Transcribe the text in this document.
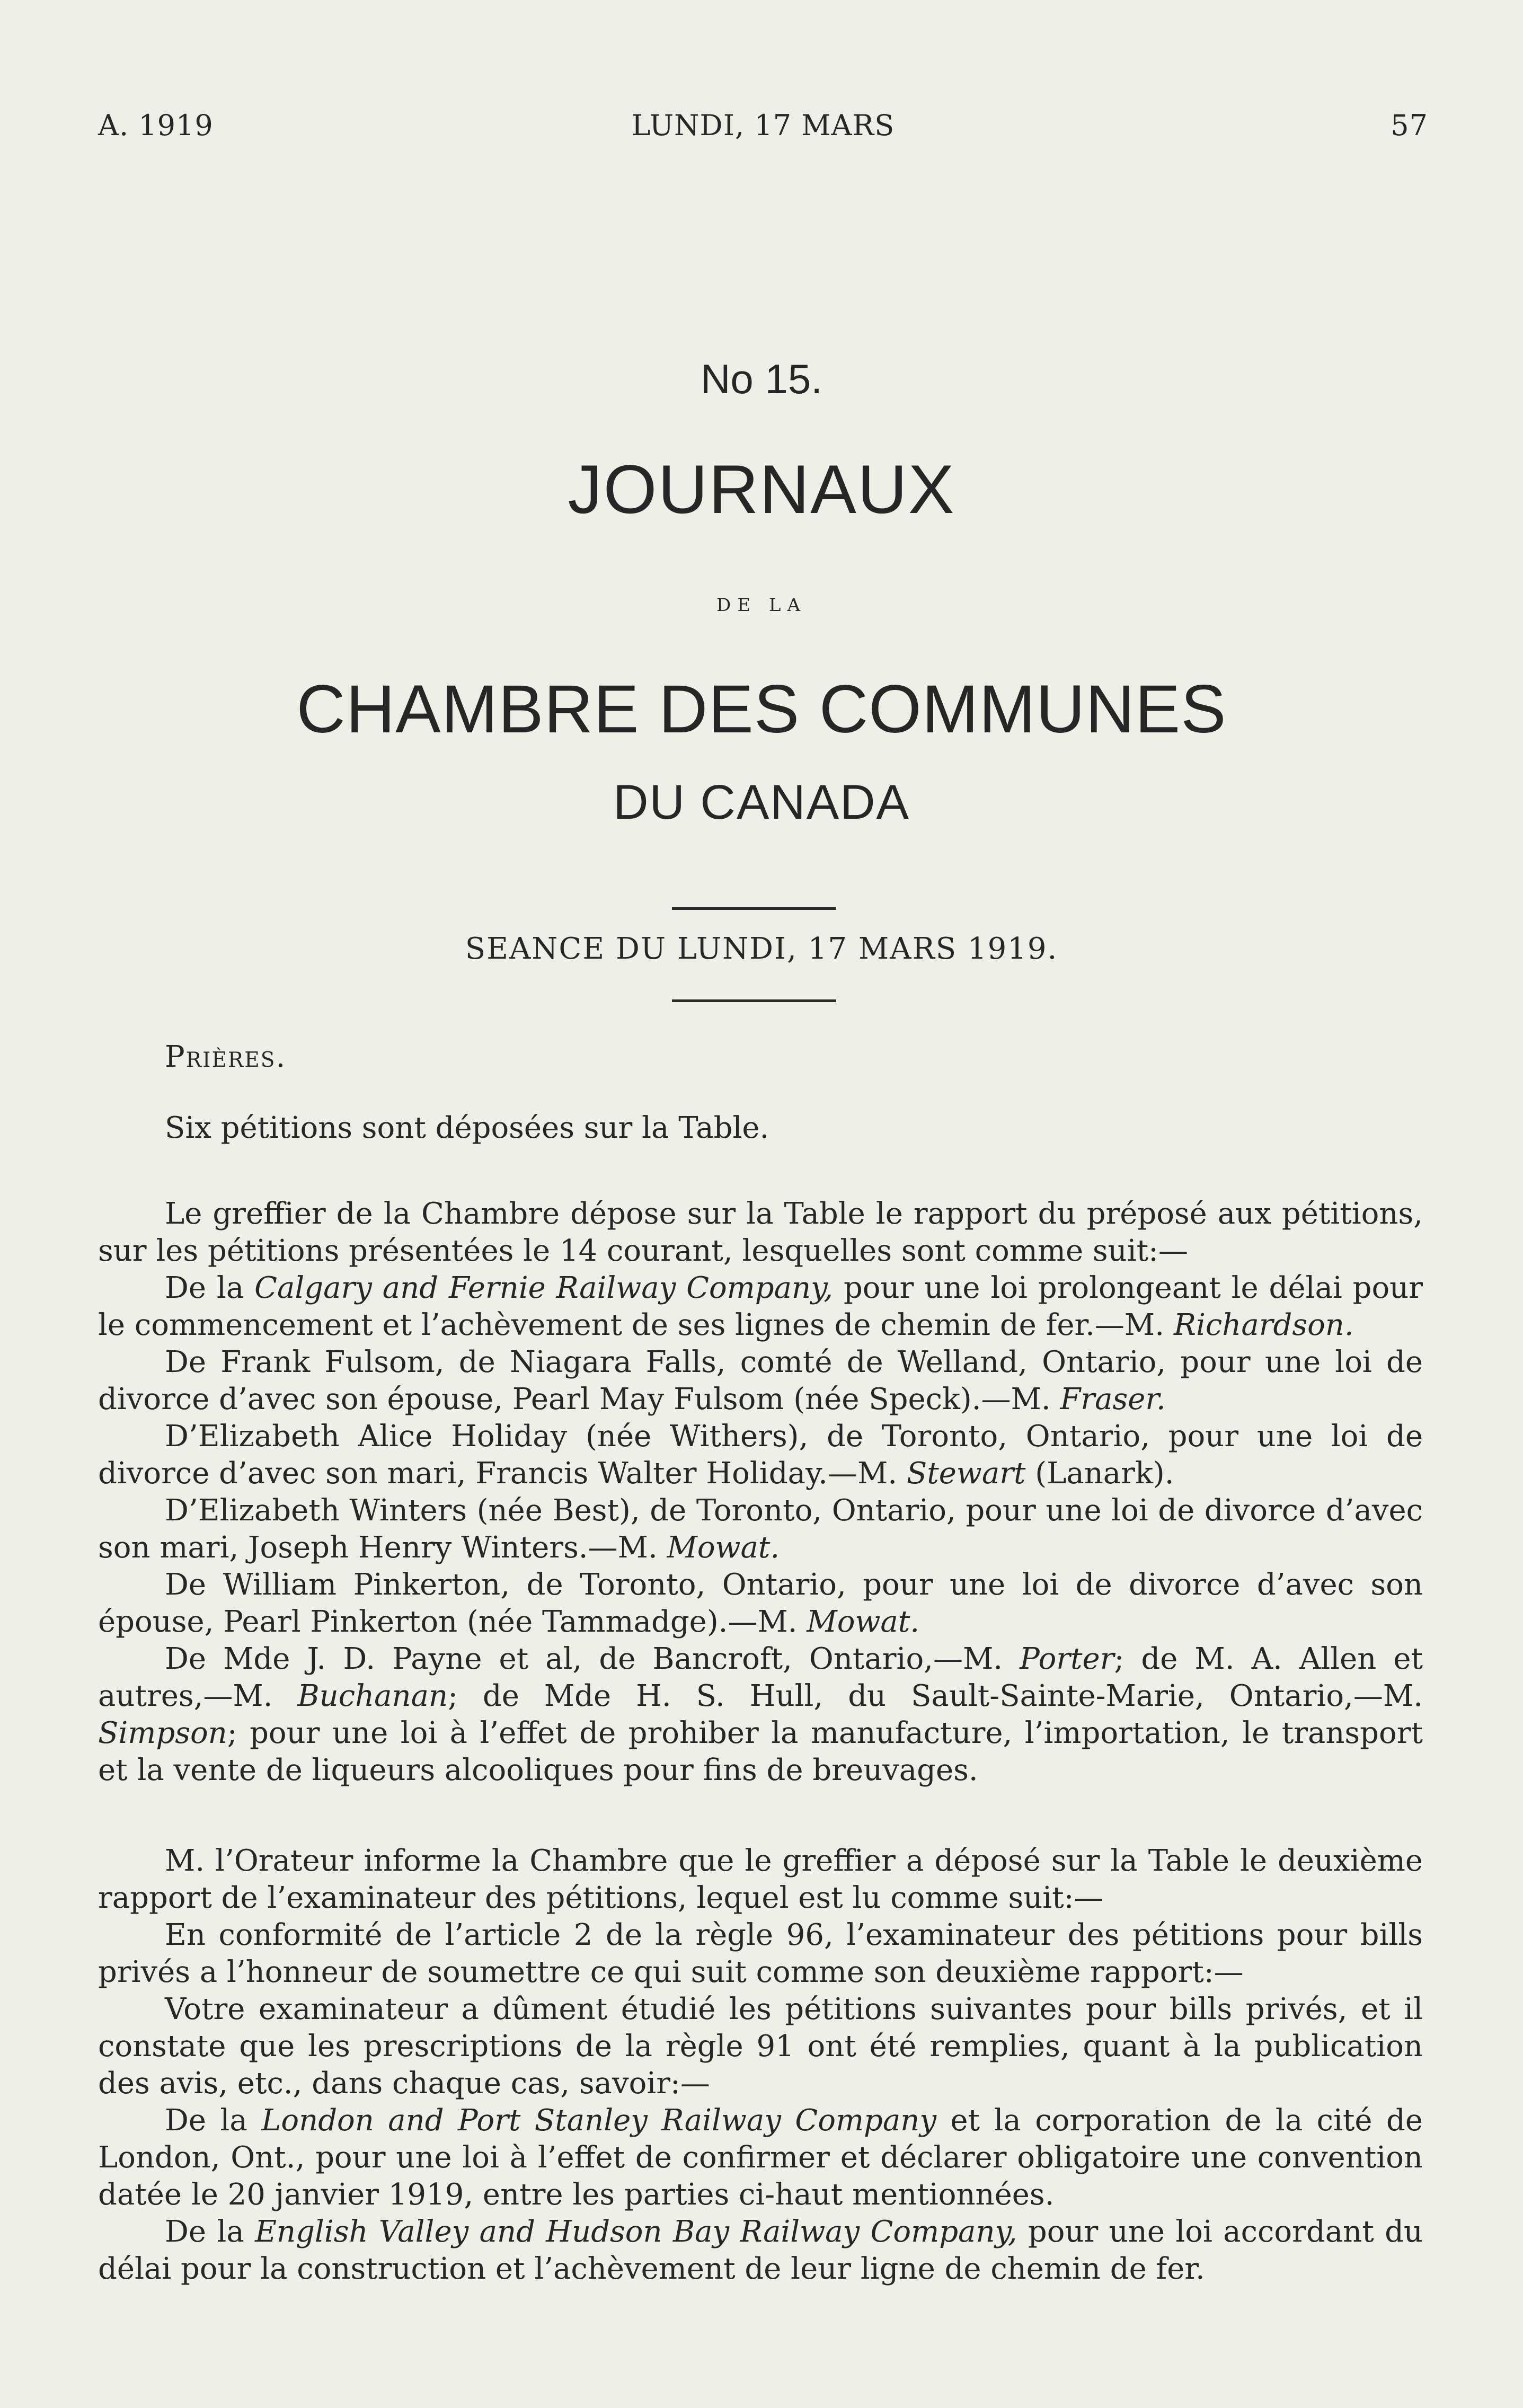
A. 1919	LUNDI, 17 MARS	57
No 15.
JOURNAUX
DE LA
CHAMBRE DES COMMUNES
DU CANADA
SEANCE DU LUNDI, 17 MARS 1919.
Prières.
Six pétitions sont déposées sur la Table.

Le greffier de la Chambre dépose sur la Table le rapport du préposé aux pétitions, sur les pétitions présentées le 14 courant, lesquelles sont comme suit:—

De la Calgary and Fernie Railway Company, pour une loi prolongeant le délai pour le commencement et l’achèvement de ses lignes de chemin de fer.—M. Richardson.

De Frank Fulsom, de Niagara Falls, comté de Welland, Ontario, pour une loi de divorce d’avec son épouse, Pearl May Fulsom (née Speck).—M. Fraser.

D’Elizabeth Alice Holiday (née Withers), de Toronto, Ontario, pour une loi de divorce d’avec son mari, Francis Walter Holiday.—M. Stewart (Lanark).

D’Elizabeth Winters (née Best), de Toronto, Ontario, pour une loi de divorce d’avec son mari, Joseph Henry Winters.—M. Mowat.

De William Pinkerton, de Toronto, Ontario, pour une loi de divorce d’avec son épouse, Pearl Pinkerton (née Tammadge).—M. Mowat.

De Mde J. D. Payne et al, de Bancroft, Ontario,—M. Porter; de M. A. Allen et autres,—M. Buchanan; de Mde H. S. Hull, du Sault-Sainte-Marie, Ontario,—M. Simpson; pour une loi à l’effet de prohiber la manufacture, l’importation, le transport et la vente de liqueurs alcooliques pour fins de breuvages.

M. l’Orateur informe la Chambre que le greffier a déposé sur la Table le deuxième rapport de l’examinateur des pétitions, lequel est lu comme suit:—

En conformité de l’article 2 de la règle 96, l’examinateur des pétitions pour bills privés a l’honneur de soumettre ce qui suit comme son deuxième rapport:—

Votre examinateur a dûment étudié les pétitions suivantes pour bills privés, et il constate que les prescriptions de la règle 91 ont été remplies, quant à la publication des avis, etc., dans chaque cas, savoir:—

De la London and Port Stanley Railway Company et la corporation de la cité de London, Ont., pour une loi à l’effet de confirmer et déclarer obligatoire une convention datée le 20 janvier 1919, entre les parties ci-haut mentionnées.

De la English Valley and Hudson Bay Railway Company, pour une loi accordant du délai pour la construction et l’achèvement de leur ligne de chemin de fer.
